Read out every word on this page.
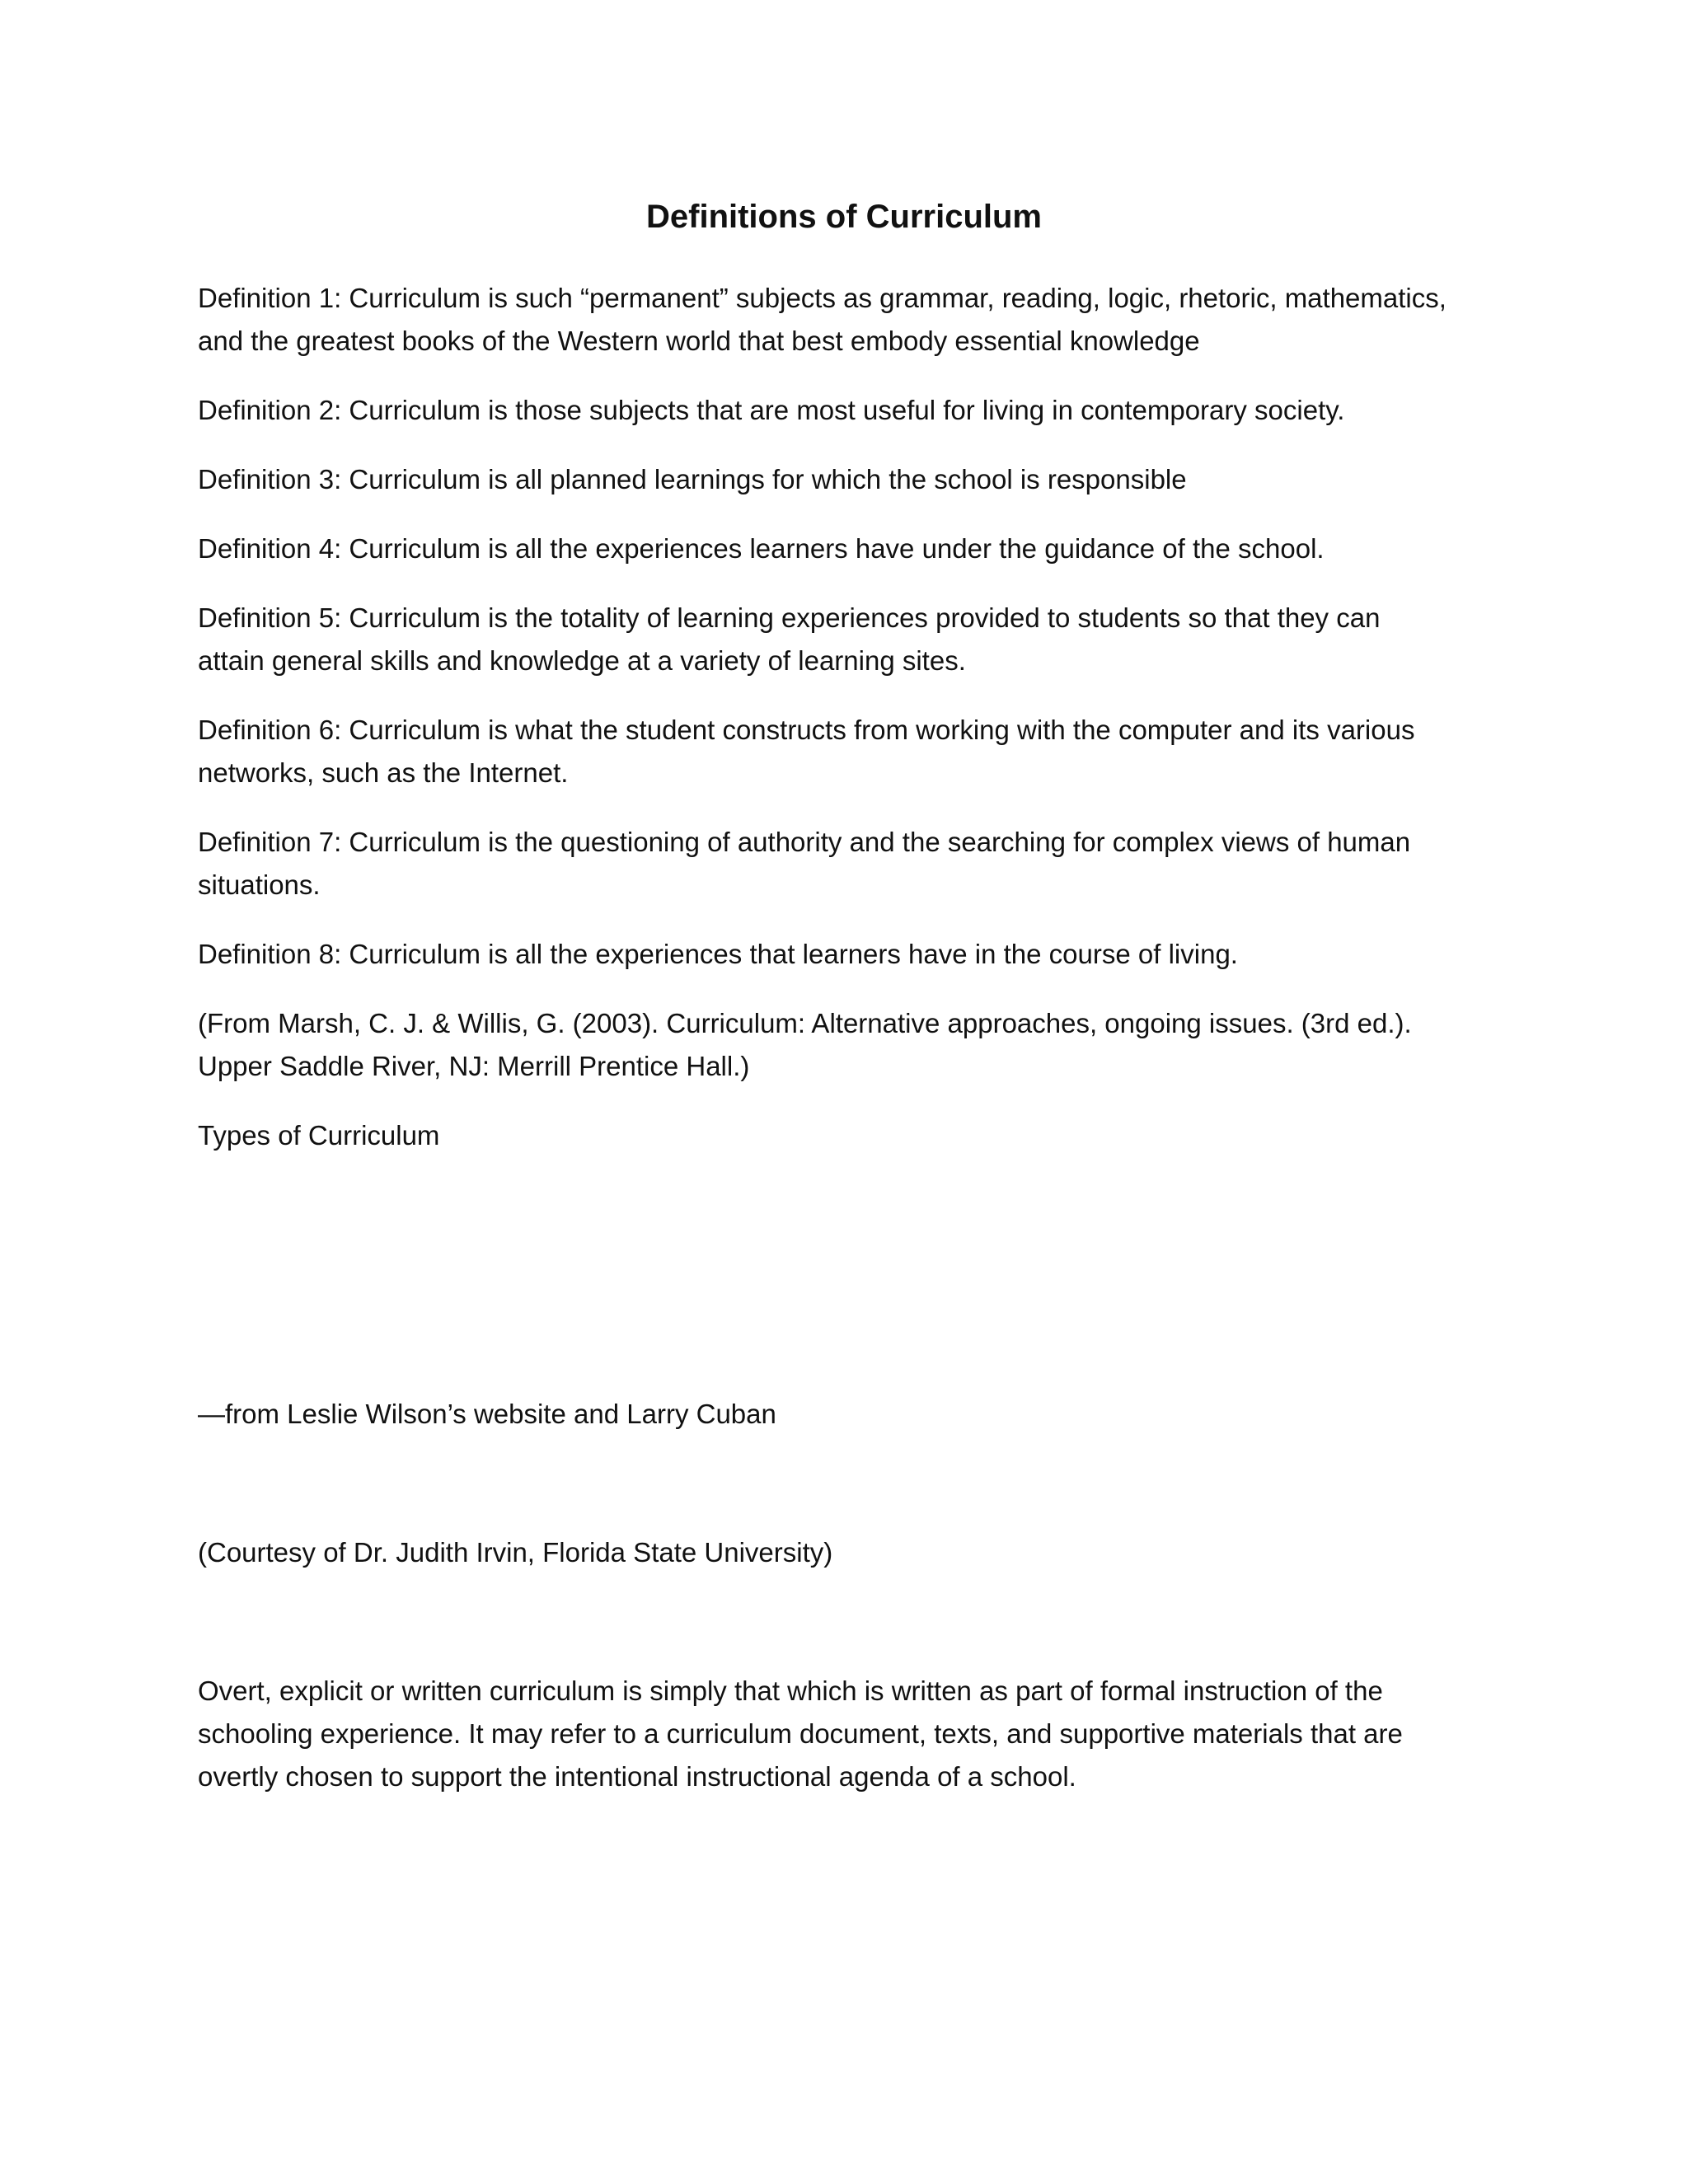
Definitions of Curriculum

Definition 1: Curriculum is such “permanent” subjects as grammar, reading, logic, rhetoric, mathematics,
and the greatest books of the Western world that best embody essential knowledge

Definition 2: Curriculum is those subjects that are most useful for living in contemporary society.

Definition 3: Curriculum is all planned learnings for which the school is responsible

Definition 4: Curriculum is all the experiences learners have under the guidance of the school.

Definition 5: Curriculum is the totality of learning experiences provided to students so that they can
attain general skills and knowledge at a variety of learning sites.

Definition 6: Curriculum is what the student constructs from working with the computer and its various
networks, such as the Internet.

Definition 7: Curriculum is the questioning of authority and the searching for complex views of human
situations.

Definition 8: Curriculum is all the experiences that learners have in the course of living.

(From Marsh, C. J. & Willis, G. (2003). Curriculum: Alternative approaches, ongoing issues. (3rd ed.).
Upper Saddle River, NJ: Merrill Prentice Hall.)

Types of Curriculum

—from Leslie Wilson’s website and Larry Cuban

(Courtesy of Dr. Judith Irvin, Florida State University)

Overt, explicit or written curriculum is simply that which is written as part of formal instruction of the
schooling experience. It may refer to a curriculum document, texts, and supportive materials that are
overtly chosen to support the intentional instructional agenda of a school.
